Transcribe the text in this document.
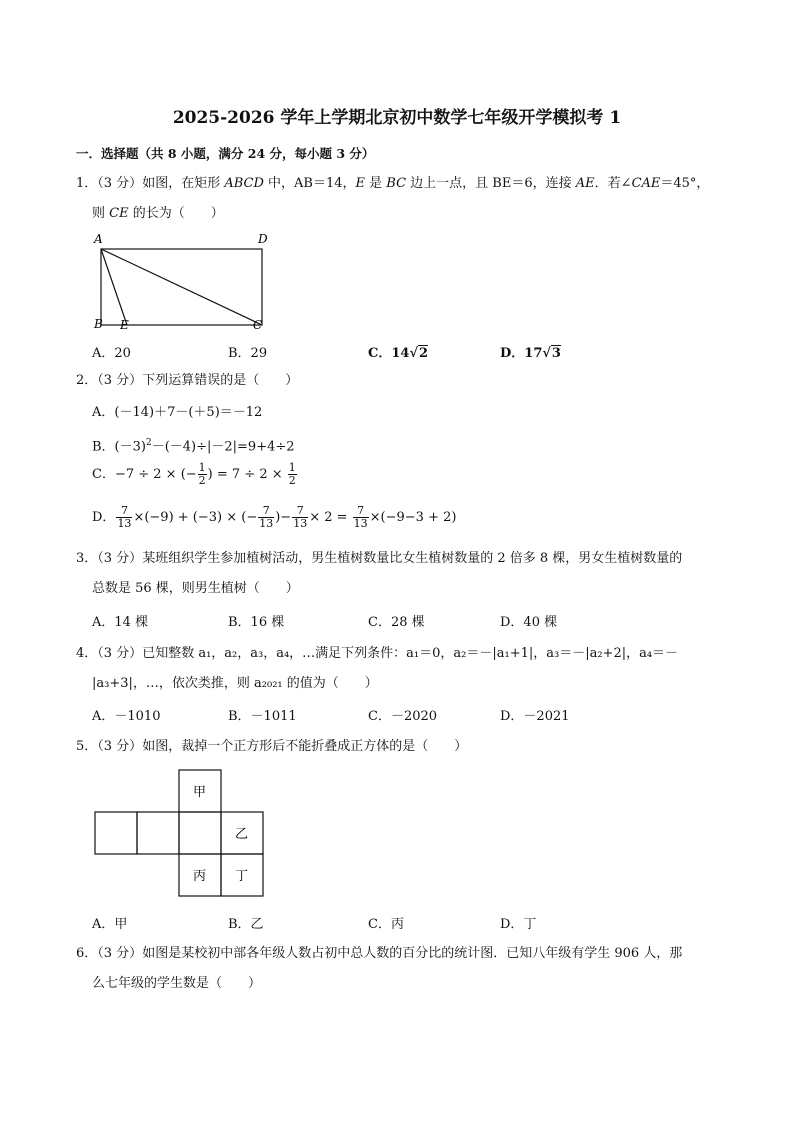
2025-2026 学年上学期北京初中数学七年级开学模拟考 1
一．选择题（共 8 小题，满分 24 分，每小题 3 分）
1．（3 分）如图，在矩形 ABCD 中，AB＝14，E 是 BC 边上一点，且 BE＝6，连接 AE．若∠CAE＝45°，
则 CE 的长为（　　）
A	D
B E	C
A．20	B．29	C．14√2	D．17√3
2．（3 分）下列运算错误的是（　　）
A．(－14)＋7－(＋5)＝－12
B．$(-3)^2-(-4)\div|-2|=9+4\div 2$
C．−7 ÷ 2 × (− $\frac{1}{2}$ ) = $7 \div 2 \times \frac{1}{2}$
D． $\frac{7}{13} \times(-9) + (-3)$ × (− $\frac{7}{13}$ )− $\frac{7}{13} \times 2 = \frac{7}{13} \times(-9-3 + 2)$
3．（3 分）某班组织学生参加植树活动，男生植树数量比女生植树数量的 2 倍多 8 棵，男女生植树数量的
总数是 56 棵，则男生植树（　　）
A．14 棵	B．16 棵	C．28 棵	D．40 棵
4．（3 分）已知整数 a₁，a₂，a₃，a₄，…满足下列条件：a₁＝0，a₂＝－|a₁+1|，a₃＝－|a₂+2|，a₄＝－
|a₃+3|，…，依次类推，则 a₂₀₂₁ 的值为（　　）
A．－1010	B．－1011	C．－2020	D．－2021
5．（3 分）如图，裁掉一个正方形后不能折叠成正方体的是（　　）
甲
乙
丙 丁
A．甲	B．乙	C．丙	D．丁
6．（3 分）如图是某校初中部各年级人数占初中总人数的百分比的统计图．已知八年级有学生 906 人，那
么七年级的学生数是（　　）
